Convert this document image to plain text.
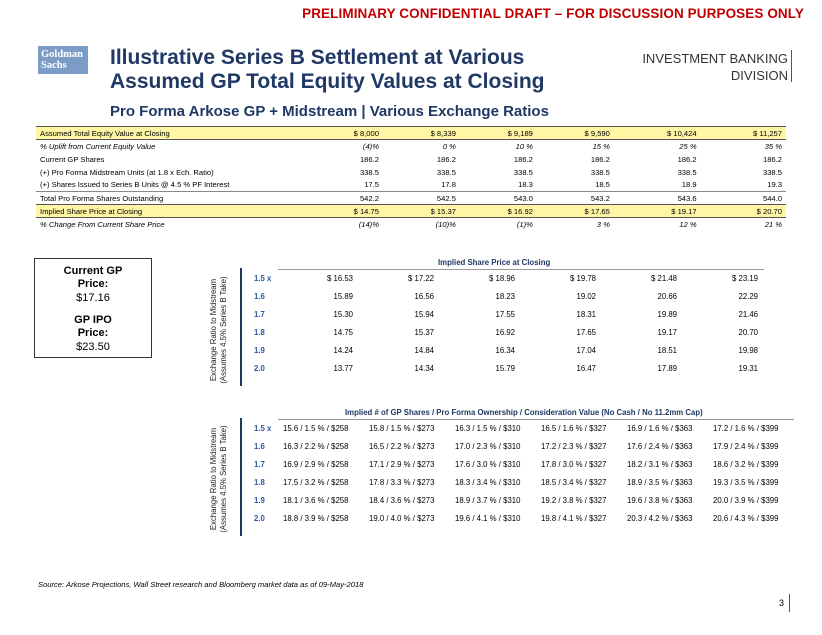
PRELIMINARY CONFIDENTIAL DRAFT – FOR DISCUSSION PURPOSES ONLY
Goldman
Sachs	Illustrative Series B Settlement at Various
Assumed GP Total Equity Values at Closing
Pro Forma Arkose GP + Midstream | Various Exchange Ratios
INVESTMENT BANKING
DIVISION
Assumed Total Equity Value at Closing	$ 8,000	$ 8,339	$ 9,189	$ 9,590	$ 10,424	$ 11,257
% Uplift from Current Equity Value	(4)%	0 %	10 %	15 %	25 %	35 %
Current GP Shares	186.2	186.2	186.2	186.2	186.2	186.2
(+) Pro Forma Midstream Units (at 1.8 x Ech. Ratio)	338.5	338.5	338.5	338.5	338.5	338.5
(+) Shares Issued to Series B Units @ 4.5 % PF Interest	17.5	17.8	18.3	18.5	18.9	19.3
Total Pro Forma Shares Outstanding	542.2	542.5	543.0	543.2	543.6	544.0
Implied Share Price at Closing	$ 14.75	$ 15.37	$ 16.92	$ 17.65	$ 19.17	$ 20.70
% Change From Current Share Price	(14)%	(10)%	(1)%	3 %	12 %	21 %
Current GP
Price:
$17.16
GP IPO
Price:
$23.50
Implied Share Price at Closing
Exchange Ratio to Midstream (Assumes 4.5% Series B Take)	1.5 x	$ 16.53	$ 17.22	$ 18.96	$ 19.78	$ 21.48	$ 23.19
1.6	15.89	16.56	18.23	19.02	20.66	22.29
1.7	15.30	15.94	17.55	18.31	19.89	21.46
1.8	14.75	15.37	16.92	17.65	19.17	20.70
1.9	14.24	14.84	16.34	17.04	18.51	19.98
2.0	13.77	14.34	15.79	16.47	17.89	19.31
Implied # of GP Shares / Pro Forma Ownership / Consideration Value (No Cash / No 11.2mm Cap)
Exchange Ratio to Midstream (Assumes 4.5% Series B Take)	1.5 x	15.6 / 1.5 % / $258	15.8 / 1.5 % / $273	16.3 / 1.5 % / $310	16.5 / 1.6 % / $327	16.9 / 1.6 % / $363	17.2 / 1.6 % / $399
1.6	16.3 / 2.2 % / $258	16.5 / 2.2 % / $273	17.0 / 2.3 % / $310	17.2 / 2.3 % / $327	17.6 / 2.4 % / $363	17.9 / 2.4 % / $399
1.7	16.9 / 2.9 % / $258	17.1 / 2.9 % / $273	17.6 / 3.0 % / $310	17.8 / 3.0 % / $327	18.2 / 3.1 % / $363	18.6 / 3.2 % / $399
1.8	17.5 / 3.2 % / $258	17.8 / 3.3 % / $273	18.3 / 3.4 % / $310	18.5 / 3.4 % / $327	18.9 / 3.5 % / $363	19.3 / 3.5 % / $399
1.9	18.1 / 3.6 % / $258	18.4 / 3.6 % / $273	18.9 / 3.7 % / $310	19.2 / 3.8 % / $327	19.6 / 3.8 % / $363	20.0 / 3.9 % / $399
2.0	18.8 / 3.9 % / $258	19.0 / 4.0 % / $273	19.6 / 4.1 % / $310	19.8 / 4.1 % / $327	20.3 / 4.2 % / $363	20.6 / 4.3 % / $399
Source: Arkose Projections, Wall Street research and Bloomberg market data as of 09-May-2018
3
